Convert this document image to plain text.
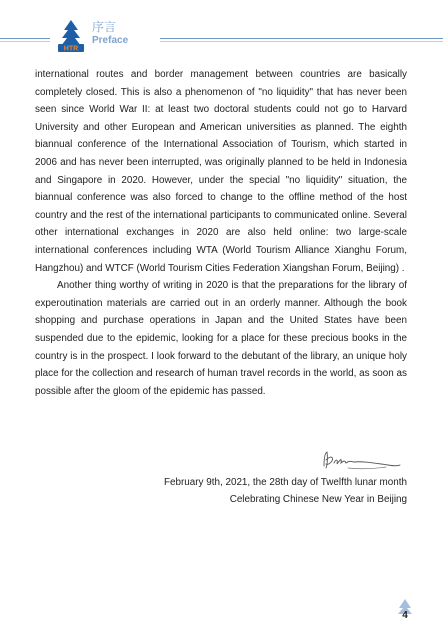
HTR
序言
Preface

international routes and border management between countries are basically completely closed. This is also a phenomenon of "no liquidity" that has never been seen since World War II: at least two doctoral students could not go to Harvard University and other European and American universities as planned. The eighth biannual conference of the International Association of Tourism, which started in 2006 and has never been interrupted, was originally planned to be held in Indonesia and Singapore in 2020. However, under the special "no liquidity" situation, the biannual conference was also forced to change to the offline method of the host country and the rest of the international participants to communicated online. Several other international exchanges in 2020 are also held online: two large-scale international conferences including WTA (World Tourism Alliance Xianghu Forum, Hangzhou) and WTCF (World Tourism Cities Federation Xiangshan Forum, Beijing) .

Another thing worthy of writing in 2020 is that the preparations for the library of experoutination materials are carried out in an orderly manner. Although the book shopping and purchase operations in Japan and the United States have been suspended due to the epidemic, looking for a place for these precious books in the country is in the prospect. I look forward to the debutant of the library, an unique holy place for the collection and research of human travel records in the world, as soon as possible after the gloom of the epidemic has passed.

February 9th, 2021, the 28th day of Twelfth lunar month
Celebrating Chinese New Year in Beijing
4
